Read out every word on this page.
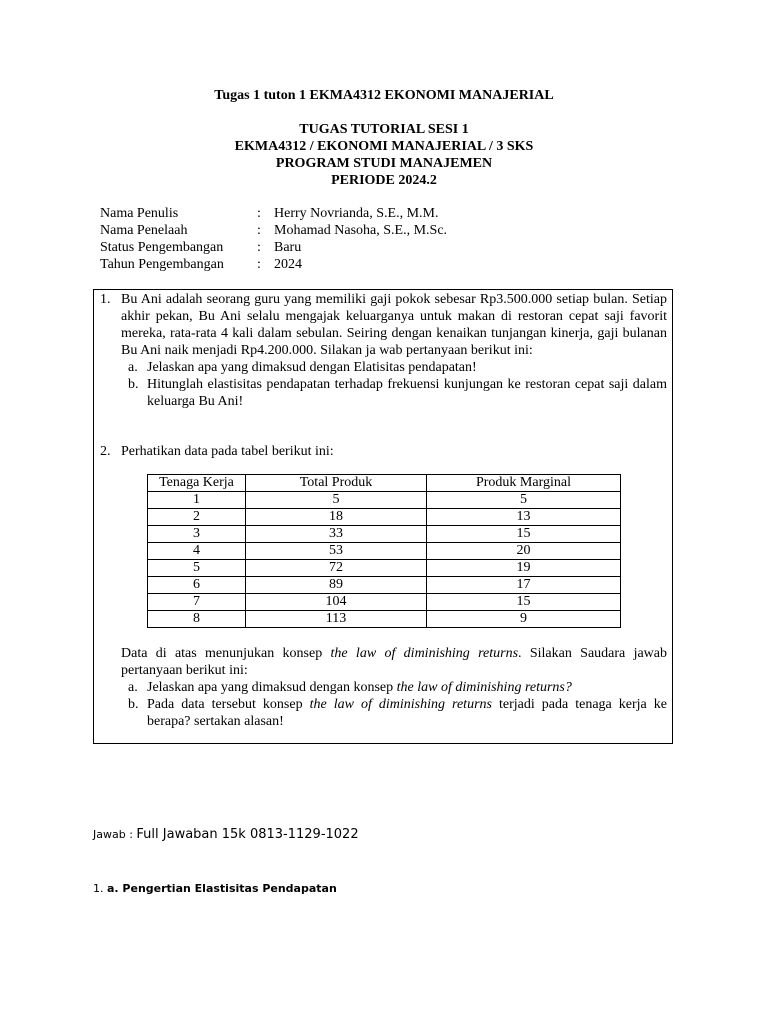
Tugas 1 tuton 1 EKMA4312 EKONOMI MANAJERIAL
TUGAS TUTORIAL SESI 1
EKMA4312 / EKONOMI MANAJERIAL / 3 SKS
PROGRAM STUDI MANAJEMEN
PERIODE 2024.2
Nama Penulis	: Herry Novrianda, S.E., M.M.
Nama Penelaah	: Mohamad Nasoha, S.E., M.Sc.
Status Pengembangan	: Baru
Tahun Pengembangan	: 2024
1. Bu Ani adalah seorang guru yang memiliki gaji pokok sebesar Rp3.500.000 setiap bulan. Setiap akhir pekan, Bu Ani selalu mengajak keluarganya untuk makan di restoran cepat saji favorit mereka, rata-rata 4 kali dalam sebulan. Seiring dengan kenaikan tunjangan kinerja, gaji bulanan Bu Ani naik menjadi Rp4.200.000. Silakan ja wab pertanyaan berikut ini:
a. Jelaskan apa yang dimaksud dengan Elatisitas pendapatan!
b. Hitunglah elastisitas pendapatan terhadap frekuensi kunjungan ke restoran cepat saji dalam keluarga Bu Ani!
2. Perhatikan data pada tabel berikut ini:
Tenaga Kerja	Total Produk	Produk Marginal
1	5	5
2	18	13
3	33	15
4	53	20
5	72	19
6	89	17
7	104	15
8	113	9
Data di atas menunjukan konsep the law of diminishing returns. Silakan Saudara jawab pertanyaan berikut ini:
a. Jelaskan apa yang dimaksud dengan konsep the law of diminishing returns?
b. Pada data tersebut konsep the law of diminishing returns terjadi pada tenaga kerja ke berapa? sertakan alasan!
Jawab : Full Jawaban 15k 0813-1129-1022
1. a. Pengertian Elastisitas Pendapatan
